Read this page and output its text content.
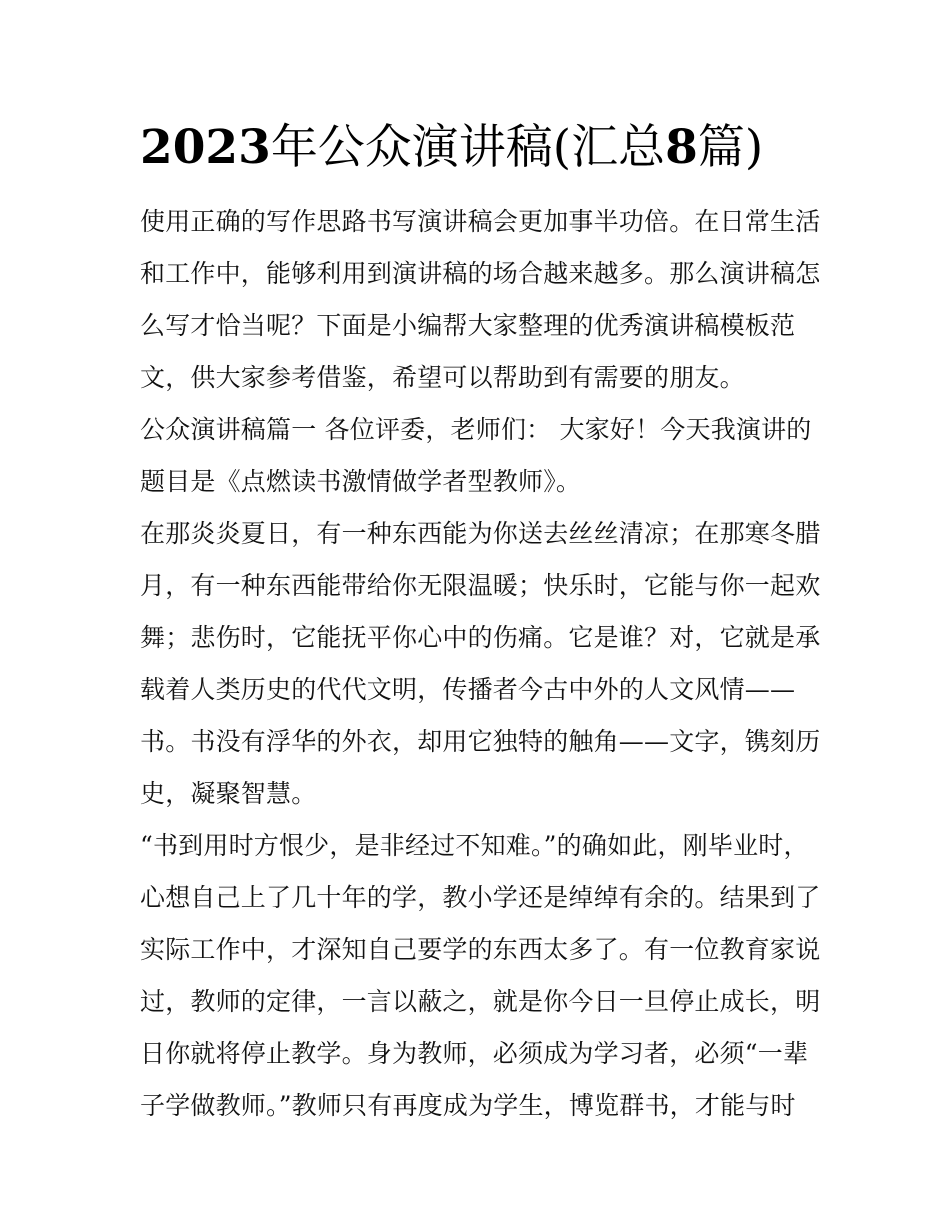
2023年公众演讲稿(汇总8篇)
使用正确的写作思路书写演讲稿会更加事半功倍。在日常生活
和工作中，能够利用到演讲稿的场合越来越多。那么演讲稿怎
么写才恰当呢？下面是小编帮大家整理的优秀演讲稿模板范
文，供大家参考借鉴，希望可以帮助到有需要的朋友。
公众演讲稿篇一 各位评委，老师们： 大家好！今天我演讲的
题目是《点燃读书激情做学者型教师》。
在那炎炎夏日，有一种东西能为你送去丝丝清凉；在那寒冬腊
月，有一种东西能带给你无限温暖；快乐时，它能与你一起欢
舞；悲伤时，它能抚平你心中的伤痛。它是谁？对，它就是承
载着人类历史的代代文明，传播者今古中外的人文风情——
书。书没有浮华的外衣，却用它独特的触角——文字，镌刻历
史，凝聚智慧。
“书到用时方恨少，是非经过不知难。”的确如此，刚毕业时，
心想自己上了几十年的学，教小学还是绰绰有余的。结果到了
实际工作中，才深知自己要学的东西太多了。有一位教育家说
过，教师的定律，一言以蔽之，就是你今日一旦停止成长，明
日你就将停止教学。身为教师，必须成为学习者，必须“一辈
子学做教师。”教师只有再度成为学生，博览群书，才能与时
